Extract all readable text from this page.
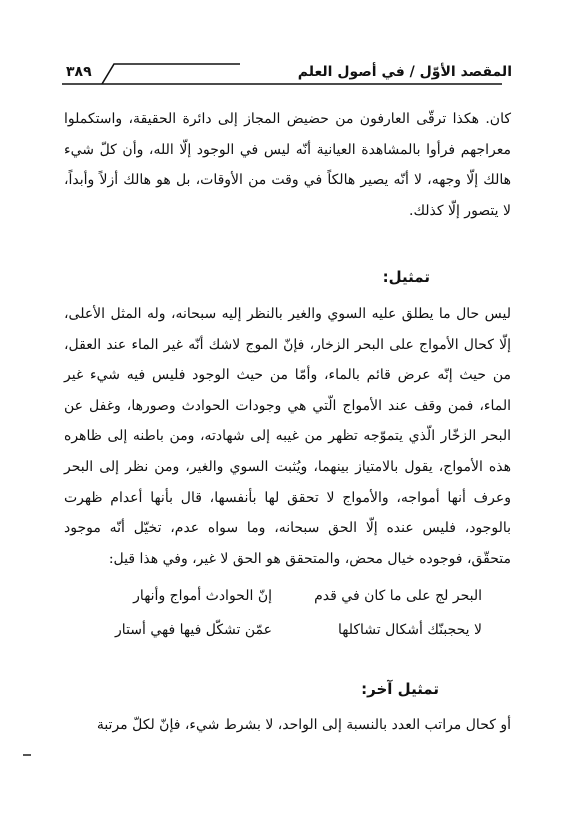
المقصد الأوّل / في أصول العلم
٣٨٩

كان. هكذا ترقّى العارفون من حضيض المجاز إلى دائرة الحقيقة، واستكملوا معراجهم فرأوا بالمشاهدة العيانية أنّه ليس في الوجود إلّا الله، وأن كلّ شيء هالك إلّا وجهه، لا أنّه يصير هالكاً في وقت من الأوقات، بل هو هالك أزلاً وأبداً، لا يتصور إلّا كذلك.

تمثيل:

ليس حال ما يطلق عليه السوي والغير بالنظر إليه سبحانه، وله المثل الأعلى، إلّا كحال الأمواج على البحر الزخار، فإنّ الموج لاشك أنّه غير الماء عند العقل، من حيث إنّه عرض قائم بالماء، وأمّا من حيث الوجود فليس فيه شيء غير الماء، فمن وقف عند الأمواج الّتي هي وجودات الحوادث وصورها، وغفل عن البحر الزخّار الّذي يتموّجه تظهر من غيبه إلى شهادته، ومن باطنه إلى ظاهره هذه الأمواج، يقول بالامتياز بينهما، ويُثبت السوي والغير، ومن نظر إلى البحر وعرف أنها أمواجه، والأمواج لا تحقق لها بأنفسها، قال بأنها أعدام ظهرت بالوجود، فليس عنده إلّا الحق سبحانه، وما سواه عدم، تخيّل أنّه موجود متحقّق، فوجوده خيال محض، والمتحقق هو الحق لا غير، وفي هذا قيل:

البحر لج على ما كان في قدم
إنّ الحوادث أمواج وأنهار
لا يحجبنّك أشكال تشاكلها
عمّن تشكّل فيها فهي أستار
تمثيل آخر:

أو كحال مراتب العدد بالنسبة إلى الواحد، لا بشرط شيء، فإنّ لكلّ مرتبة
